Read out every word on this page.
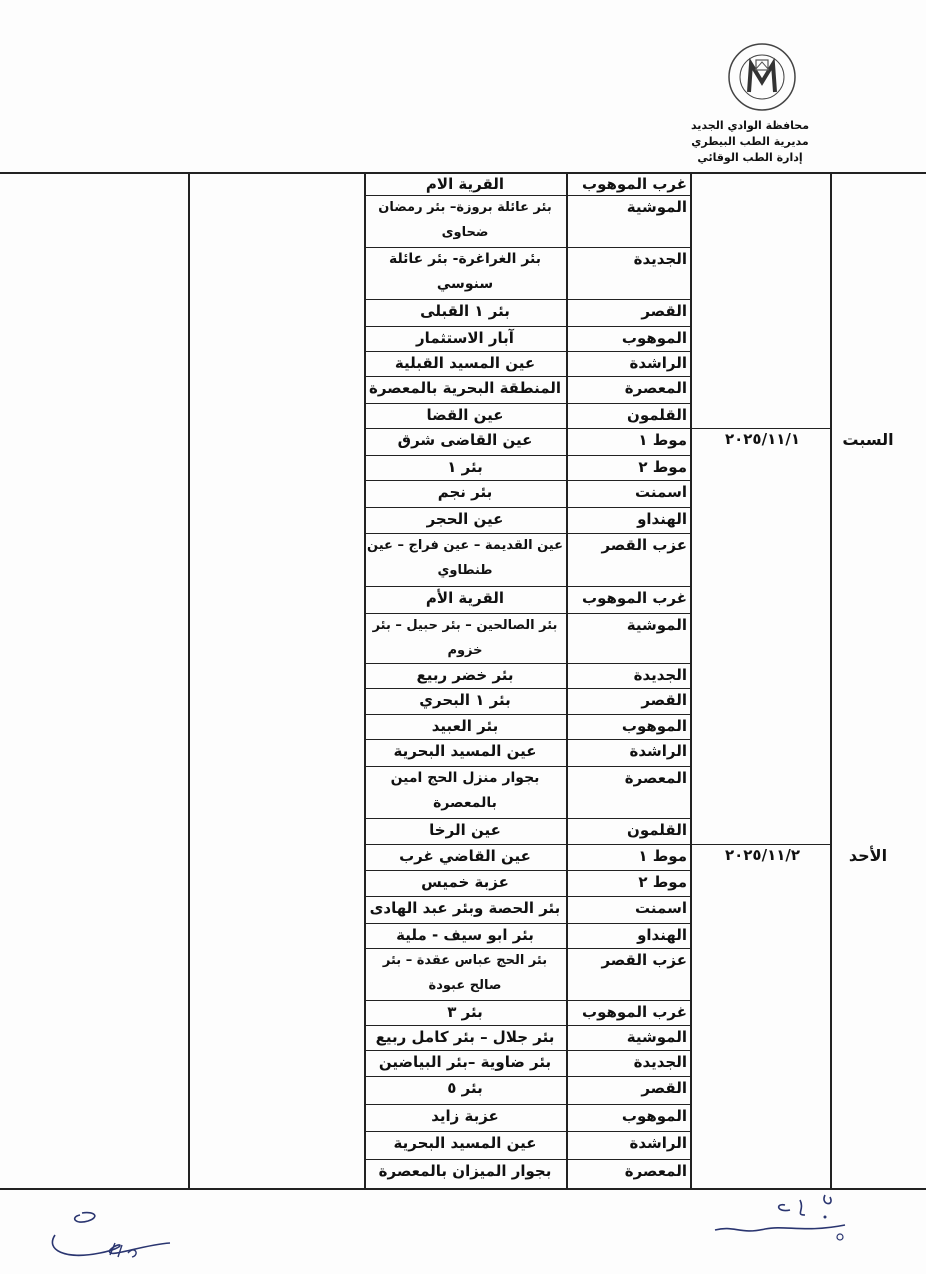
محافظة الوادي الجديد
مديرية الطب البيطري
إدارة الطب الوقائي
السبت
٢٠٢٥/١١/١
الأحد
٢٠٢٥/١١/٢
غرب الموهوب
القرية الام
الموشية
بئر عائلة بروزة– بئر رمضان ضحاوى
الجديدة
بئر الغراغرة- بئر عائلة سنوسي
القصر
بئر ١ القبلى
الموهوب
آبار الاستثمار
الراشدة
عين المسيد القبلية
المعصرة
المنطقة البحرية بالمعصرة
القلمون
عين القضا
موط ١
عين القاضى شرق
موط ٢
بئر ١
اسمنت
بئر نجم
الهنداو
عين الحجر
عزب القصر
عين القديمة – عين فراج – عين طنطاوي
غرب الموهوب
القرية الأم
الموشية
بئر الصالحين – بئر حبيل – بئر خزوم
الجديدة
بئر خضر ربيع
القصر
بئر ١ البحري
الموهوب
بئر العبيد
الراشدة
عين المسيد البحرية
المعصرة
بجوار منزل الحج امين بالمعصرة
القلمون
عين الرخا
موط ١
عين القاضي غرب
موط ٢
عزبة خميس
اسمنت
بئر الحصة وبئر عبد الهادى
الهنداو
بئر ابو سيف - ملية
عزب القصر
بئر الحج عباس عقدة – بئر صالح عبودة
غرب الموهوب
بئر ٣
الموشية
بئر جلال – بئر كامل ربيع
الجديدة
بئر ضاوية –بئر البياضين
القصر
بئر ٥
الموهوب
عزبة زايد
الراشدة
عين المسيد البحرية
المعصرة
بجوار الميزان بالمعصرة
